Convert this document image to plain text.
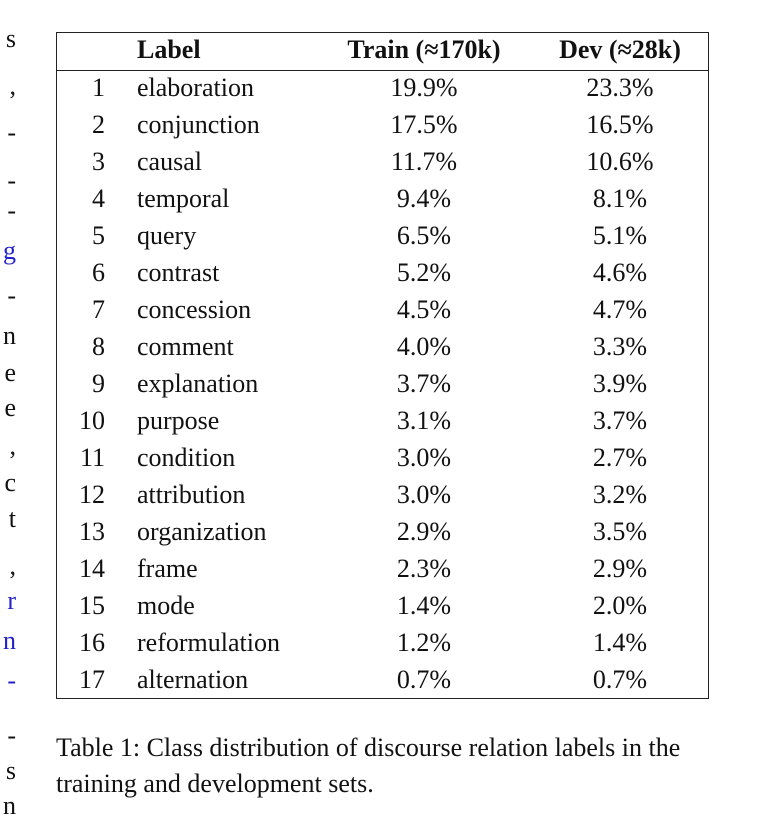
s
,
-
-
-
g
-
n
e
e
,
c
t
,
r
n
-
-
s
n
Label	Train (≈170k)	Dev (≈28k)
1 elaboration	19.9%	23.3%
2 conjunction	17.5%	16.5%
3 causal	11.7%	10.6%
4 temporal	9.4%	8.1%
5 query	6.5%	5.1%
6 contrast	5.2%	4.6%
7 concession	4.5%	4.7%
8 comment	4.0%	3.3%
9 explanation	3.7%	3.9%
10 purpose	3.1%	3.7%
11 condition	3.0%	2.7%
12 attribution	3.0%	3.2%
13 organization	2.9%	3.5%
14 frame	2.3%	2.9%
15 mode	1.4%	2.0%
16 reformulation	1.2%	1.4%
17 alternation	0.7%	0.7%
Table 1: Class distribution of discourse relation labels in the training and development sets.
